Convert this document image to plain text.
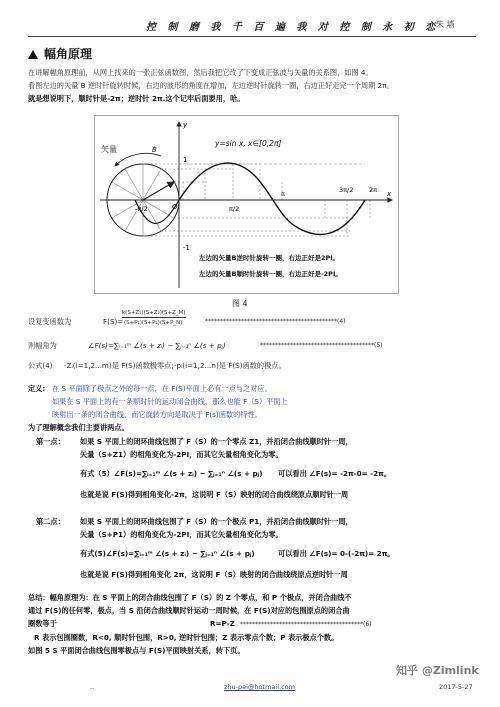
控 制 磨 我 千 百 遍 我 对 控 制 永 初 恋
朱 墙
幅角原理
在讲解幅角原理前，从网上找来的一张正弦函数图，然后我把它改了下变成正弦波与矢量的关系图，如图 4。
看图左边的矢量 B 逆时针旋转时候，右边的波形的角度在增加，左边逆时针旋转一圈，右边正好走完一个周期 2π。
就是想说明下，顺时针是-2π；逆时针 2π.这个记牢后面要用，哈。
矢量	B
y=sin x, x∈[0,2π]
y
x
O
1
-1
π/2
π	3π/2 2π
-π/2
左边的矢量B逆时针旋转一圈，右边正好是2PI。
左边的矢量B顺时针旋转一圈，右边正好是-2PI。
图 4
设复变函数为	F(S)=
k(S+Z₁)(S+Z₂)(S+Z_M)
(S+P₁)(S+P₂)(S+P_N)	********************************************(4)
则幅角为	∠F(s)=∑ᵢ₌₁ᵐ ∠(s + zᵢ) − ∑ⱼ₌₁ⁿ ∠(s + pⱼ)	**************************************(5)
公式(4) -Zᵢ(i=1,2...m)是 F(S)函数极零点;-pᵢ(i=1,2...n)是 F(S)函数的极点。
定义: 在 S 平面除了极点之外的每一点，在 F(S)平面上必有一点与之对应。
如果在 S 平面上的有一条顺时针的运动闭合曲线，那么也能 F（S）平面上
映射出一条的闭合曲线，而它旋转方向是取决于 F(s)函数的特性。
为了理解概念我们主要讲两点。
第一点： 如果 S 平面上的闭环曲线包围了 F（S）的一个零点 Z1，并沿闭合曲线顺时针一周，
矢量（S+Z1）的相角变化为-2PI，而其它矢量相角变化为零。
有式（5）∠F(s)=∑ᵢ₌₁ᵐ ∠(s + zᵢ) − ∑ⱼ₌₁ⁿ ∠(s + pⱼ) 可以看出 ∠F(s)= -2π-0= -2π。
也就是说 F(S)得到相角变化-2π，这说明 F（S）映射的闭合曲线绕原点顺时针一周
第二点： 如果 S 平面上的闭环曲线包围了 F（S）的一个极点 P1，并沿闭合曲线顺时针一周，
矢量（S+P1）的相角变化为-2PI，而其它矢量相角变化为零。
有式(5)∠F(s)=∑ᵢ₌₁ᵐ ∠(s + zᵢ) − ∑ⱼ₌₁ⁿ ∠(s + pⱼ)	可以看出 ∠F(s)= 0-(-2π)= 2π。
也就是说 F(S)得到相角变化 2π，这说明 F（S）映射的闭合曲线绕原点逆时针一周
总结：幅角原理为：在 S 平面上的闭合曲线包围了 F（S）的 Z 个零点，和 P 个极点，并闭合曲线不
通过 F(S)的任何零，极点，当 S 沿闭合曲线顺时针运动一周时候，在 F(S)对应的包围原点的闭合曲
圈数等于	R=P-Z *****************************************(6)
R 表示包围圈数，R<0, 顺时针包围，R>0, 逆时针包围；Z 表示零点个数；P 表示极点个数。
如图 5 S 平面闭合曲线包围零极点与 F(S)平面映射关系，转下页。
知乎 @Zimlink
..	zhu-pei@hotmail.com	2017-5-27
